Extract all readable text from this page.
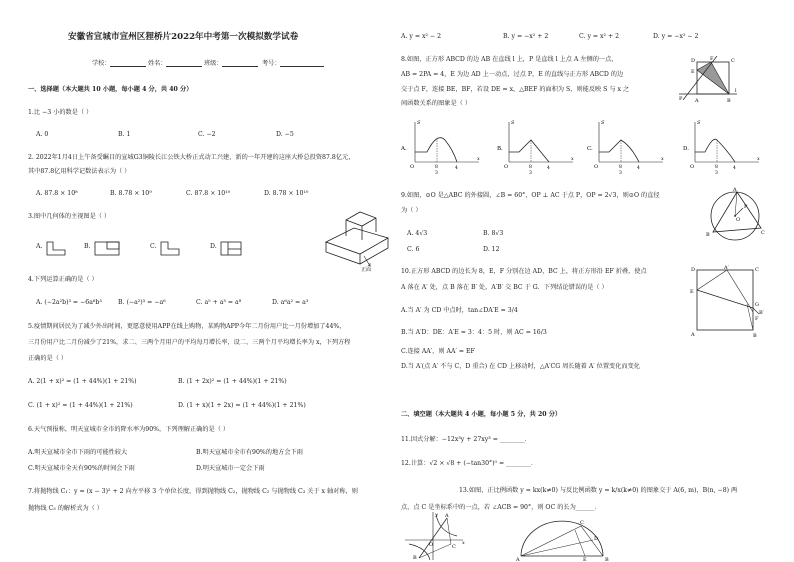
安徽省宣城市宣州区狸桥片2022年中考第一次模拟数学试卷
学校：	姓名：	班级：	考号：
一、选择题（本大题共 10 小题，每小题 4 分，共 40 分）
1.比 −3 小的数是（ ）
A. 0	B. 1	C. −2	D. −5
2. 2022年1月4日上午备受瞩目的宣城G3铜陵长江公铁大桥正式动工兴建，新的一年开建的这座大桥总投资87.8亿元，
其中87.8亿用科学记数法表示为（ ）
A. 87.8 × 10⁸	B. 8.78 × 10⁹	C. 87.8 × 10¹⁰	D. 8.78 × 10¹⁰
3.图中几何体的主视图是（ ）
A.	B.	C.	D.
正面
4.下列运算正确的是（ ）
A. (−2a²b)³ = −6a⁶b³	B. (−a²)³ = −a⁶	C. a⁵ + a³ = a⁸	D. a⁶a² = a³
5.疫情期间居民为了减少外出时间，更愿意使用APP在线上购物，某购物APP今年二月份用户比一月份增加了44%，
三月份用户比二月份减少了21%，求二、三两个月用户的平均每月增长率，设二、三两个月平均增长率为 x，下列方程
正确的是（ ）
A. 2(1 + x)² = (1 + 44%)(1 + 21%)	B. (1 + 2x)² = (1 + 44%)(1 + 21%)
C. (1 + x)² = (1 + 44%)(1 + 21%)	D. (1 + x)(1 + 2x) = (1 + 44%)(1 + 21%)
6.天气预报称，明天宣城市全市的降水率为90%，下列理解正确的是（ ）
A.明天宣城市全市下雨的可能性较大	B.明天宣城市全市有90%的地方会下雨
C.明天宣城市全天有90%的时间会下雨	D.明天宣城市一定会下雨
7.将抛物线 C₁：y = (x − 3)² + 2 向左平移 3 个单位长度，得到抛物线 C₂，抛物线 C₂ 与抛物线 C₃ 关于 x 轴对称，则
抛物线 C₃ 的解析式为（ ）
A. y = x² − 2	B. y = −x² + 2	C. y = x² + 2	D. y = −x² − 2
8.如图，正方形 ABCD 的边 AB 在直线 l 上，P 是直线 l 上点 A 左侧的一点，
AB = 2PA = 4，E 为边 AD 上一动点，过点 P，E 的直线与正方形 ABCD 的边
交于点 F，连接 BE，BF，若设 DE = x，△BEF 的面积为 S，则能反映 S 与 x 之
间函数关系的图象是（ ）
D	F	C
E
P	A	B
l
A.
S
x
O	8
3
4
B.
S
x
O	8
3
4
C.
S
x
O	8
3
4
D.
S
x
O	8
3
4
9.如图，⊙O 是△ABC 的外接圆，∠B = 60°，OP ⊥ AC 于点 P，OP = 2√3，则⊙O 的直径
为（ ）
A. 4√3	B. 8√3
C. 6	D. 12
A
B	C
O
P
10.正方形 ABCD 的边长为 8，E，F 分别在边 AD，BC 上，将正方形沿 EF 折叠，使点
A 落在 A′ 处，点 B 落在 B′ 处，A′B′ 交 BC 于 G．下列结论错误的是（ ）
A.当 A′ 为 CD 中点时，tan∠DA′E = 3/4
B.当 A′D：DE：A′E = 3：4：5 时，则 AC = 16/3
C.连接 AA′，则 AA′ = EF
D.当 A′(点 A′ 不与 C，D 重合) 在 CD 上移动时，△A′CG 周长随着 A′ 位置变化而变化
D	A′	C
E
G
B′
F
A	B
二、填空题（本大题共 4 小题，每小题 5 分，共 20 分）
11.因式分解：−12x³y + 27xy³ = ________．
12.计算：√2 × √8 + (−tan30°)⁰ = ________．
13.如图，正比例函数 y = kx(k≠0) 与反比例函数 y = k/x(k≠0) 的图象交于 A(6, m)，B(n, −8) 两
点，点 C 是坐标系中的一点，若 ∠ACB = 90°，则 OC 的长为______．
A
B
C
O	x
y
A	B
C
D
E
